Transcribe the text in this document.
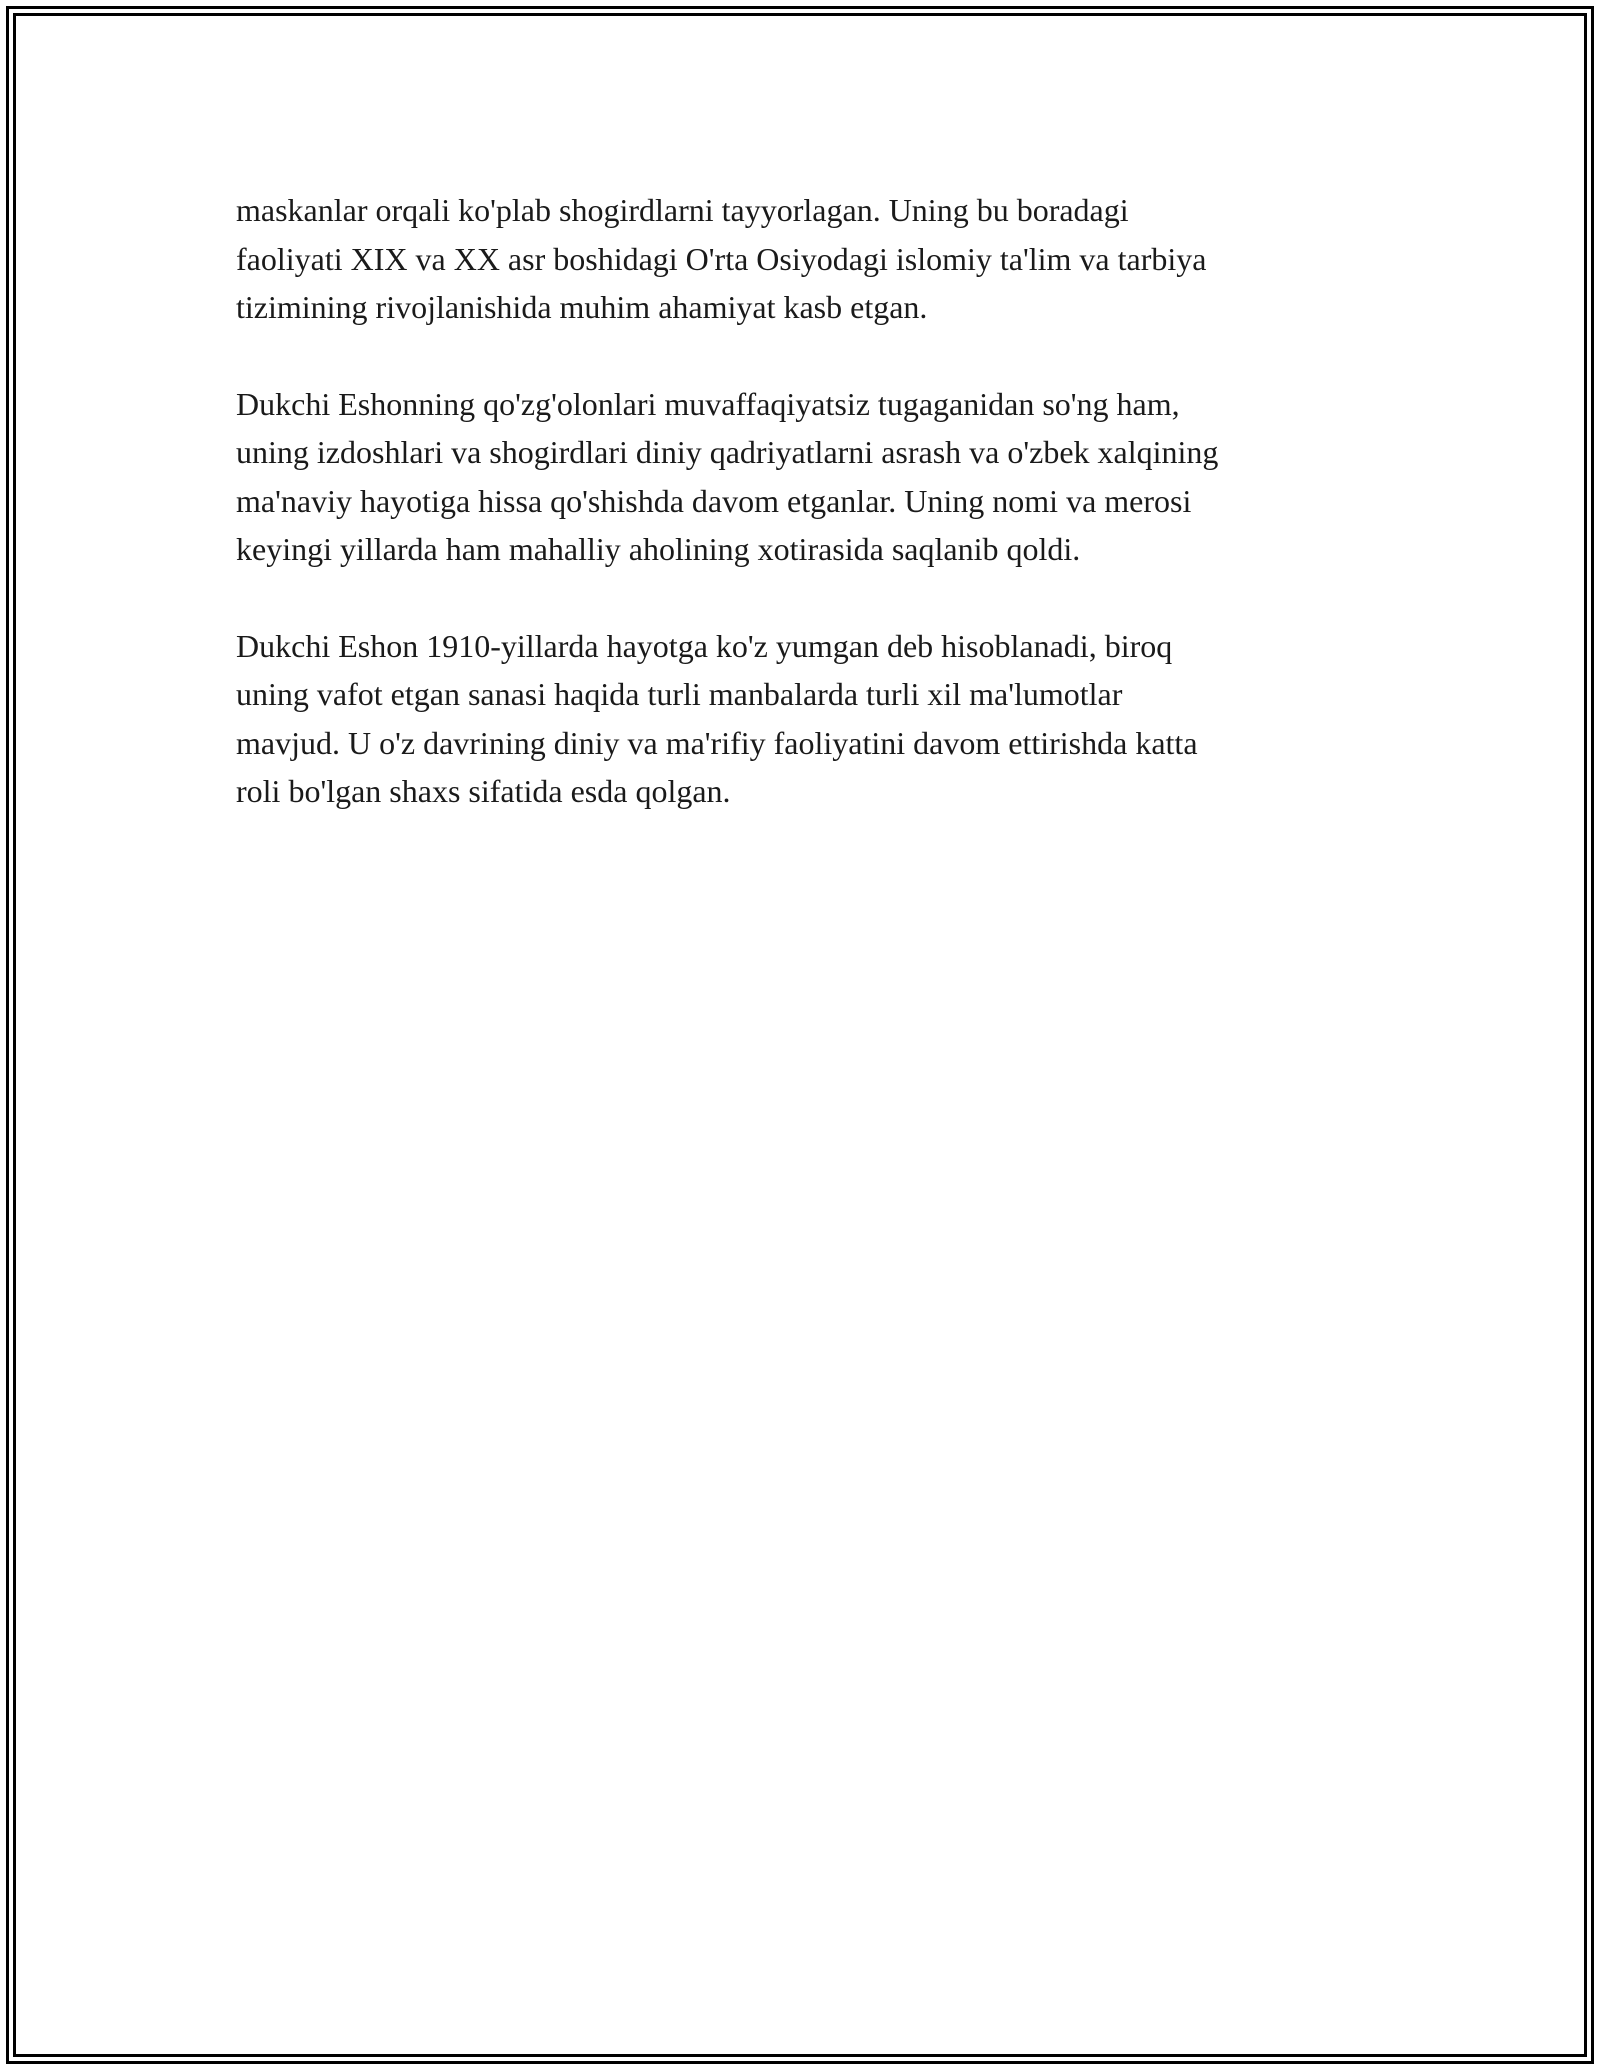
maskanlar orqali ko'plab shogirdlarni tayyorlagan. Uning bu boradagi
faoliyati XIX va XX asr boshidagi O'rta Osiyodagi islomiy ta'lim va tarbiya
tizimining rivojlanishida muhim ahamiyat kasb etgan.

Dukchi Eshonning qo'zg'olonlari muvaffaqiyatsiz tugaganidan so'ng ham,
uning izdoshlari va shogirdlari diniy qadriyatlarni asrash va o'zbek xalqining
ma'naviy hayotiga hissa qo'shishda davom etganlar. Uning nomi va merosi
keyingi yillarda ham mahalliy aholining xotirasida saqlanib qoldi.

Dukchi Eshon 1910-yillarda hayotga ko'z yumgan deb hisoblanadi, biroq
uning vafot etgan sanasi haqida turli manbalarda turli xil ma'lumotlar
mavjud. U o'z davrining diniy va ma'rifiy faoliyatini davom ettirishda katta
roli bo'lgan shaxs sifatida esda qolgan.
